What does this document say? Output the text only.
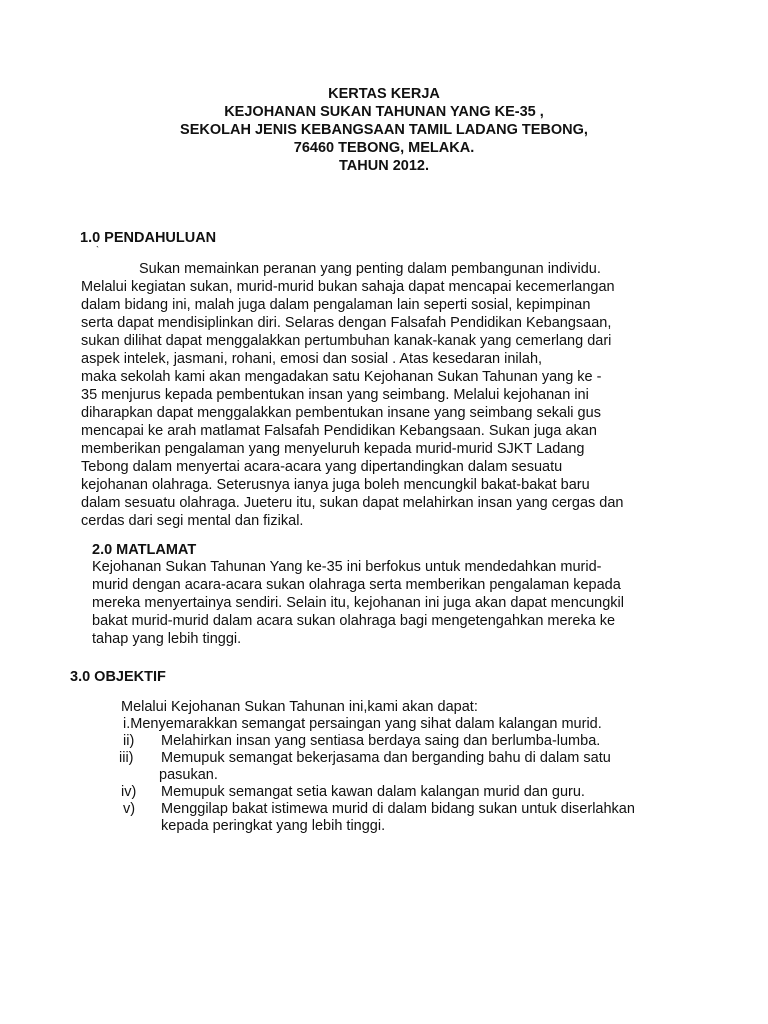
KERTAS KERJA
KEJOHANAN SUKAN TAHUNAN YANG KE-35 ,
SEKOLAH JENIS KEBANGSAAN TAMIL LADANG TEBONG,
76460 TEBONG, MELAKA.
TAHUN 2012.
1.0 PENDAHULUAN
`
Sukan memainkan peranan yang penting dalam pembangunan individu.
Melalui kegiatan sukan, murid-murid bukan sahaja dapat mencapai kecemerlangan
dalam bidang ini, malah juga dalam pengalaman lain seperti sosial, kepimpinan
serta dapat mendisiplinkan diri. Selaras dengan Falsafah Pendidikan Kebangsaan,
sukan dilihat dapat menggalakkan pertumbuhan kanak-kanak yang cemerlang dari
aspek intelek, jasmani, rohani, emosi dan sosial . Atas kesedaran inilah,
maka sekolah kami akan mengadakan satu Kejohanan Sukan Tahunan yang ke -
35 menjurus kepada pembentukan insan yang seimbang. Melalui kejohanan ini
diharapkan dapat menggalakkan pembentukan insane yang seimbang sekali gus
mencapai ke arah matlamat Falsafah Pendidikan Kebangsaan. Sukan juga akan
memberikan pengalaman yang menyeluruh kepada murid-murid SJKT Ladang
Tebong dalam menyertai acara-acara yang dipertandingkan dalam sesuatu
kejohanan olahraga. Seterusnya ianya juga boleh mencungkil bakat-bakat baru
dalam sesuatu olahraga. Jueteru itu, sukan dapat melahirkan insan yang cergas dan
cerdas dari segi mental dan fizikal.
2.0 MATLAMAT
Kejohanan Sukan Tahunan Yang ke-35 ini berfokus untuk mendedahkan murid-
murid dengan acara-acara sukan olahraga serta memberikan pengalaman kepada
mereka menyertainya sendiri. Selain itu, kejohanan ini juga akan dapat mencungkil
bakat murid-murid dalam acara sukan olahraga bagi mengetengahkan mereka ke
tahap yang lebih tinggi.
3.0 OBJEKTIF
Melalui Kejohanan Sukan Tahunan ini,kami akan dapat:
i.Menyemarakkan semangat persaingan yang sihat dalam kalangan murid.
ii)	Melahirkan insan yang sentiasa berdaya saing dan berlumba-lumba.
iii)	Memupuk semangat bekerjasama dan berganding bahu di dalam satu
pasukan.
iv)	Memupuk semangat setia kawan dalam kalangan murid dan guru.
v)	Menggilap bakat istimewa murid di dalam bidang sukan untuk diserlahkan
kepada peringkat yang lebih tinggi.
